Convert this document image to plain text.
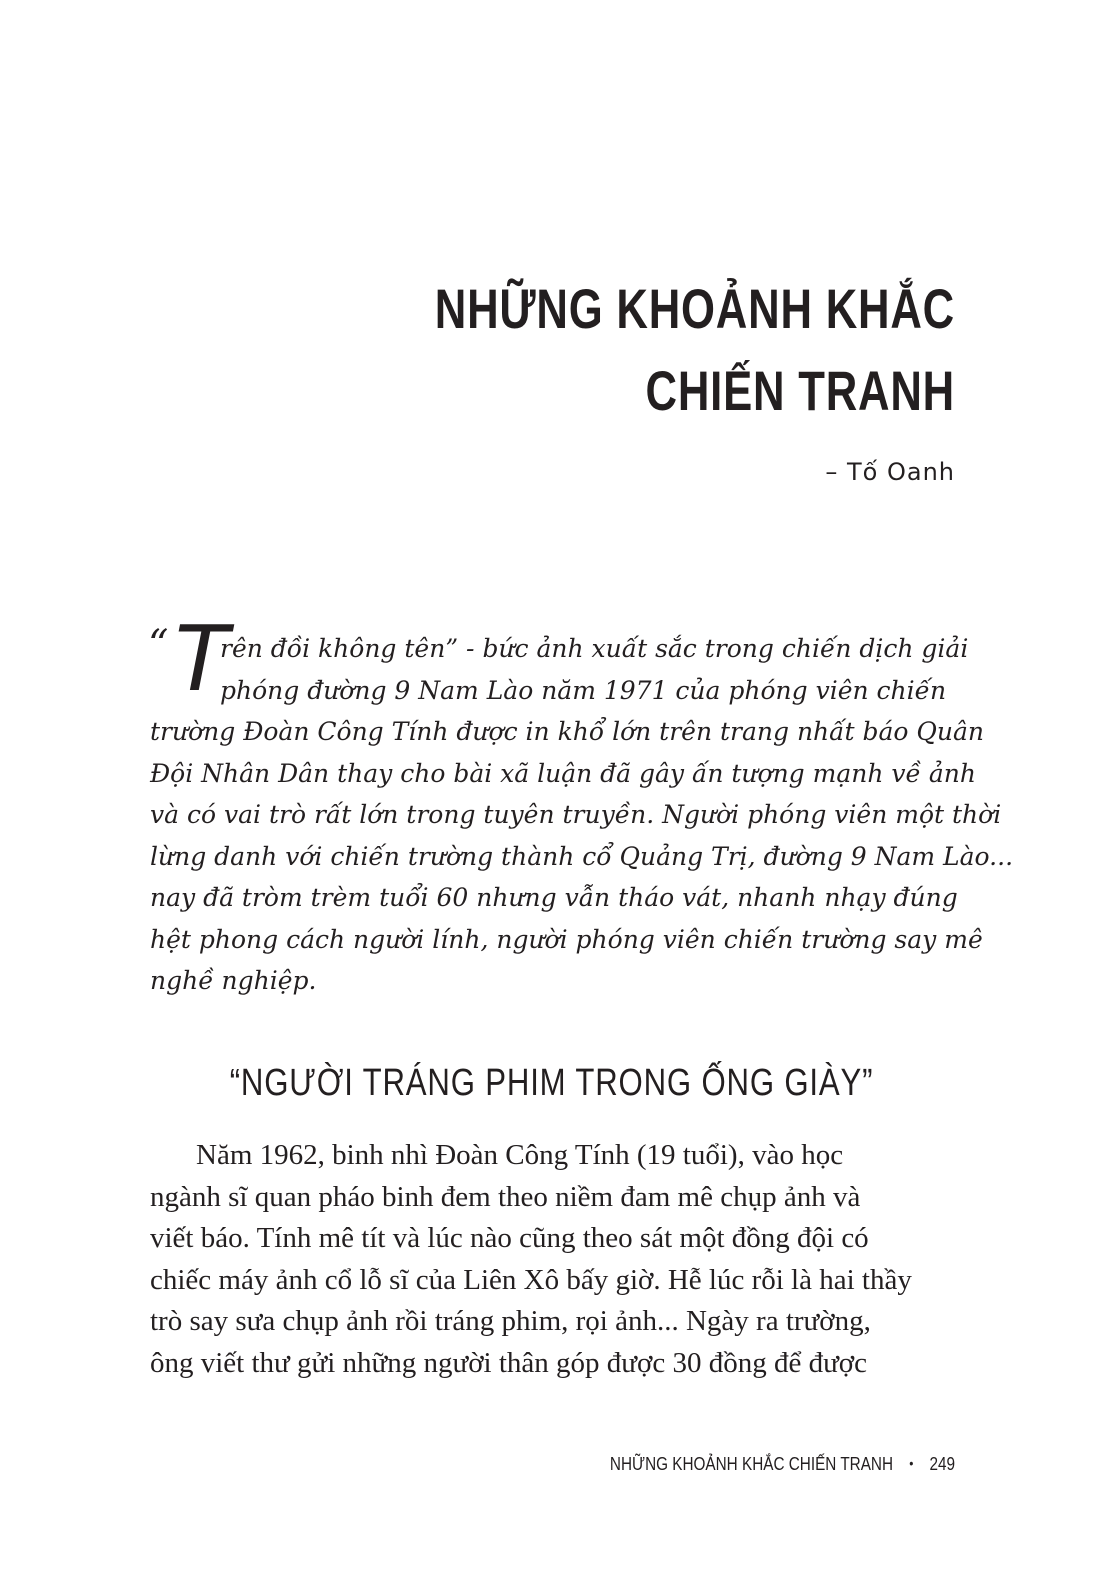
NHỮNG KHOẢNH KHẮC
CHIẾN TRANH
– Tố Oanh
“ T
rên đồi không tên” - bức ảnh xuất sắc trong chiến dịch giải
phóng đường 9 Nam Lào năm 1971 của phóng viên chiến
trường Đoàn Công Tính được in khổ lớn trên trang nhất báo Quân
Đội Nhân Dân thay cho bài xã luận đã gây ấn tượng mạnh về ảnh
và có vai trò rất lớn trong tuyên truyền. Người phóng viên một thời
lừng danh với chiến trường thành cổ Quảng Trị, đường 9 Nam Lào...
nay đã tròm trèm tuổi 60 nhưng vẫn tháo vát, nhanh nhạy đúng
hệt phong cách người lính, người phóng viên chiến trường say mê
nghề nghiệp.
“NGƯỜI TRÁNG PHIM TRONG ỐNG GIÀY”
Năm 1962, binh nhì Đoàn Công Tính (19 tuổi), vào học
ngành sĩ quan pháo binh đem theo niềm đam mê chụp ảnh và
viết báo. Tính mê tít và lúc nào cũng theo sát một đồng đội có
chiếc máy ảnh cổ lỗ sĩ của Liên Xô bấy giờ. Hễ lúc rỗi là hai thầy
trò say sưa chụp ảnh rồi tráng phim, rọi ảnh... Ngày ra trường,
ông viết thư gửi những người thân góp được 30 đồng để được
NHỮNG KHOẢNH KHẮC CHIẾN TRANH • 249
